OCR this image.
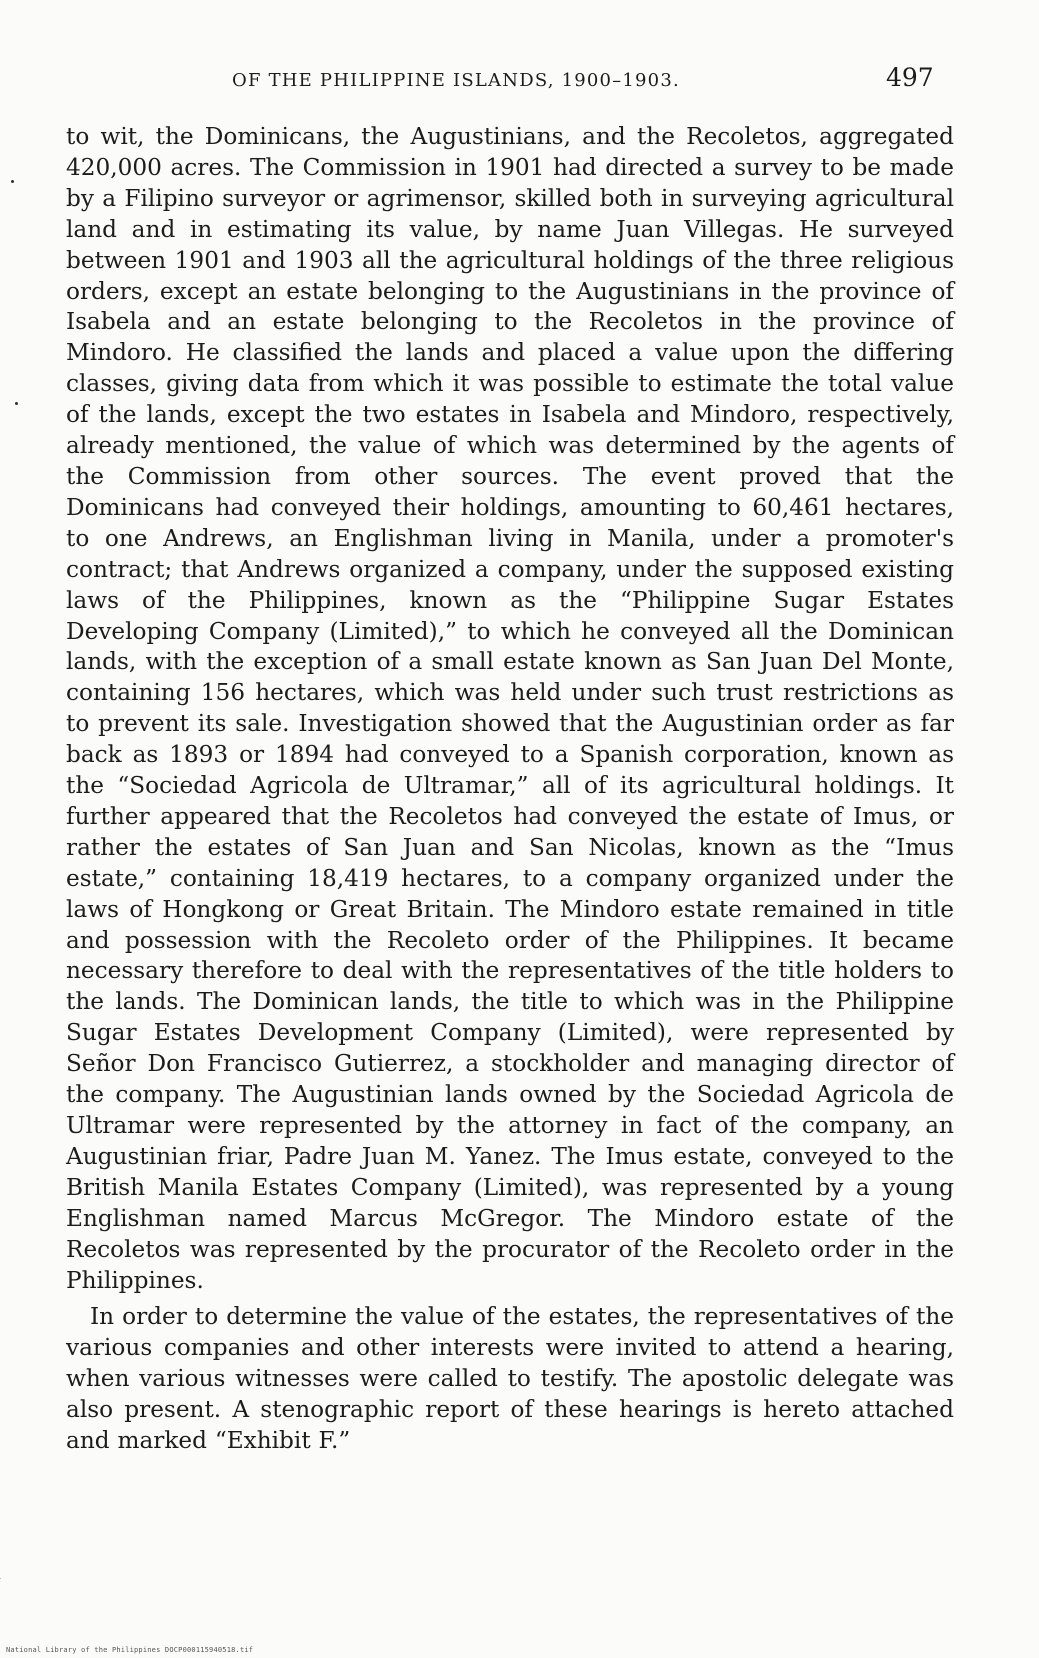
OF THE PHILIPPINE ISLANDS, 1900–1903.	497

to wit, the Dominicans, the Augustinians, and the Recoletos, aggregated 420,000 acres. The Commission in 1901 had directed a survey to be made by a Filipino surveyor or agrimensor, skilled both in surveying agricultural land and in estimating its value, by name Juan Villegas. He surveyed between 1901 and 1903 all the agricultural holdings of the three religious orders, except an estate belonging to the Augustinians in the province of Isabela and an estate belonging to the Recoletos in the province of Mindoro. He classified the lands and placed a value upon the differing classes, giving data from which it was possible to estimate the total value of the lands, except the two estates in Isabela and Mindoro, respectively, already mentioned, the value of which was determined by the agents of the Commission from other sources. The event proved that the Dominicans had conveyed their holdings, amounting to 60,461 hectares, to one Andrews, an Englishman living in Manila, under a promoter's contract; that Andrews organized a company, under the supposed existing laws of the Philippines, known as the “Philippine Sugar Estates Developing Company (Limited),” to which he conveyed all the Dominican lands, with the exception of a small estate known as San Juan Del Monte, containing 156 hectares, which was held under such trust restrictions as to prevent its sale. Investigation showed that the Augustinian order as far back as 1893 or 1894 had conveyed to a Spanish corporation, known as the “Sociedad Agricola de Ultramar,” all of its agricultural holdings. It further appeared that the Recoletos had conveyed the estate of Imus, or rather the estates of San Juan and San Nicolas, known as the “Imus estate,” containing 18,419 hectares, to a company organized under the laws of Hongkong or Great Britain. The Mindoro estate remained in title and possession with the Recoleto order of the Philippines. It became necessary therefore to deal with the representatives of the title holders to the lands. The Dominican lands, the title to which was in the Philippine Sugar Estates Development Company (Limited), were represented by Señor Don Francisco Gutierrez, a stockholder and managing director of the company. The Augustinian lands owned by the Sociedad Agricola de Ultramar were represented by the attorney in fact of the company, an Augustinian friar, Padre Juan M. Yanez. The Imus estate, conveyed to the British Manila Estates Company (Limited), was represented by a young Englishman named Marcus McGregor. The Mindoro estate of the Recoletos was represented by the procurator of the Recoleto order in the Philippines.

In order to determine the value of the estates, the representatives of the various companies and other interests were invited to attend a hearing, when various witnesses were called to testify. The apostolic delegate was also present. A stenographic report of these hearings is hereto attached and marked “Exhibit F.”

National Library of the Philippines DOCP000115940518.tif
